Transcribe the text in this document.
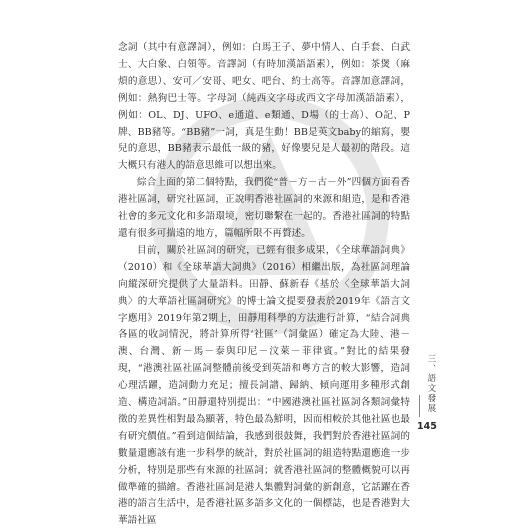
念詞（其中有意譯詞），例如：白馬王子、夢中情人、白手套、白武士、大白象、白領等。音譯詞（有時加漢語語素），例如：茶煲（麻煩的意思）、安可／安哥、吧女、吧台、約士高等。音譯加意譯詞，例如：熱狗巴士等。字母詞（純西文字母或西文字母加漢語語素），例如：OL、DJ、UFO、e通道、e類通、D場（的士高）、O記、P牌、BB豬等。“BB豬”一詞，真是生動！BB是英文baby的縮寫，嬰兒的意思，BB豬表示最低一級的豬，好像嬰兒是人最初的階段。這大概只有港人的語意思維可以想出來。

綜合上面的第二個特點，我們從“普－方－古－外”四個方面看香港社區詞，研究社區詞，正說明香港社區詞的來源和組造，是和香港社會的多元文化和多語環境，密切聯繫在一起的。香港社區詞的特點還有很多可揣遠的地方，篇幅所限不再贅述。

目前，關於社區詞的研究，已經有很多成果，《全球華語詞典》（2010）和《全球華語大詞典》（2016）相繼出版，為社區詞理論向縱深研究提供了大量語料。田靜、蘇新春《基於〈全球華語大詞典〉的大華語社區詞研究》的博士論文提要發表於2019年《語言文字應用》2019年第2期上，田靜用科學的方法進行計算，“結合詞典各區的收詞情況，將計算所得‘社區’（詞彙區）確定為大陸、港－澳、台灣、新－馬－泰與印尼－汶萊－菲律賓。”對比的結果發現，“港澳社區社區詞整體前後受到英語和粵方言的較大影響，造詞心理活躍，造詞動力充足；擅長詞譜、歸納、傾向運用多種形式創造、構造詞語。”田靜還特別提出：“中國港澳社區社區詞各類詞彙特徵的差異性相對最為顯著，特色最為鮮明，因而相較於其他社區也最有研究價值。”看到這個結論，我感到很鼓舞，我們對於香港社區詞的數量還應該有進一步科學的統計，對於社區詞的組造特點還應進一步分析，特別是那些有來源的社區詞；就香港社區詞的整體概貌可以再做準確的描繪。香港社區詞是港人集體對詞彙的新創意，它話躍在香港的語言生活中，是香港社區多語多文化的一個標誌，也是香港對大華語社區

三、語文發展
145
